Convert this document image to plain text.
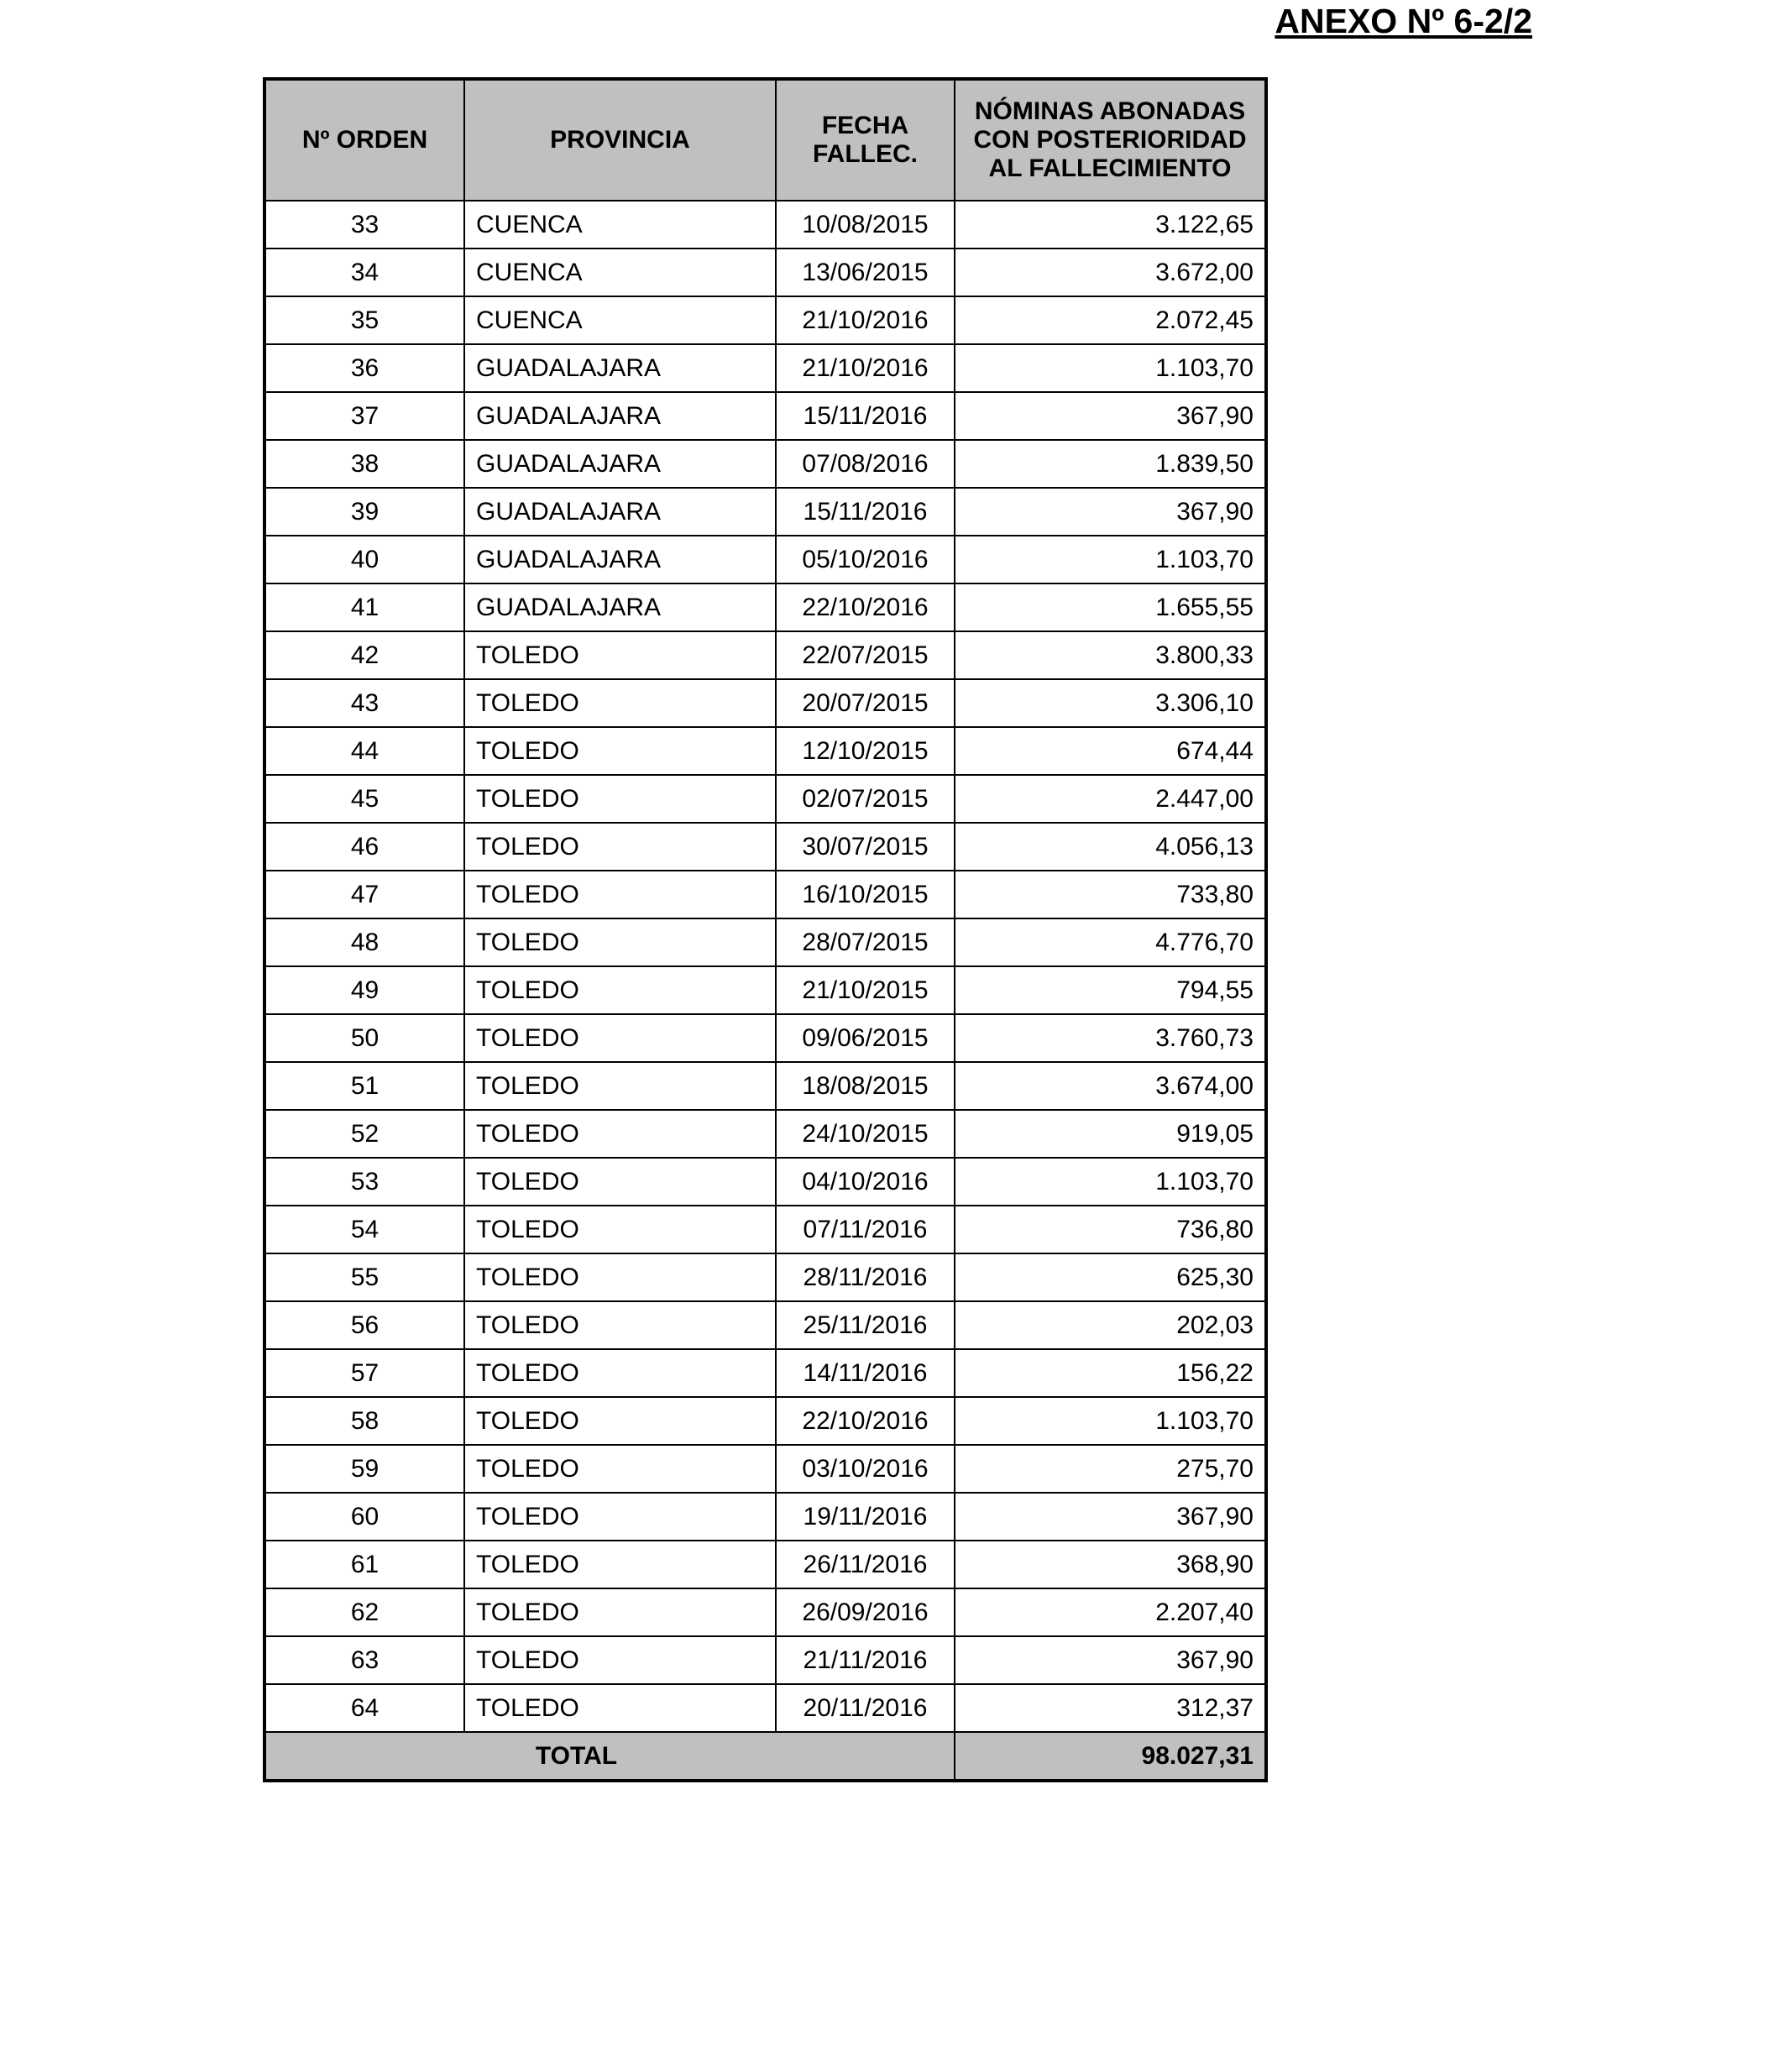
ANEXO Nº 6-2/2
Nº ORDEN	PROVINCIA	FECHA FALLEC.	NÓMINAS ABONADAS CON POSTERIORIDAD AL FALLECIMIENTO
33	CUENCA	10/08/2015	3.122,65
34	CUENCA	13/06/2015	3.672,00
35	CUENCA	21/10/2016	2.072,45
36	GUADALAJARA	21/10/2016	1.103,70
37	GUADALAJARA	15/11/2016	367,90
38	GUADALAJARA	07/08/2016	1.839,50
39	GUADALAJARA	15/11/2016	367,90
40	GUADALAJARA	05/10/2016	1.103,70
41	GUADALAJARA	22/10/2016	1.655,55
42	TOLEDO	22/07/2015	3.800,33
43	TOLEDO	20/07/2015	3.306,10
44	TOLEDO	12/10/2015	674,44
45	TOLEDO	02/07/2015	2.447,00
46	TOLEDO	30/07/2015	4.056,13
47	TOLEDO	16/10/2015	733,80
48	TOLEDO	28/07/2015	4.776,70
49	TOLEDO	21/10/2015	794,55
50	TOLEDO	09/06/2015	3.760,73
51	TOLEDO	18/08/2015	3.674,00
52	TOLEDO	24/10/2015	919,05
53	TOLEDO	04/10/2016	1.103,70
54	TOLEDO	07/11/2016	736,80
55	TOLEDO	28/11/2016	625,30
56	TOLEDO	25/11/2016	202,03
57	TOLEDO	14/11/2016	156,22
58	TOLEDO	22/10/2016	1.103,70
59	TOLEDO	03/10/2016	275,70
60	TOLEDO	19/11/2016	367,90
61	TOLEDO	26/11/2016	368,90
62	TOLEDO	26/09/2016	2.207,40
63	TOLEDO	21/11/2016	367,90
64	TOLEDO	20/11/2016	312,37
TOTAL			98.027,31
